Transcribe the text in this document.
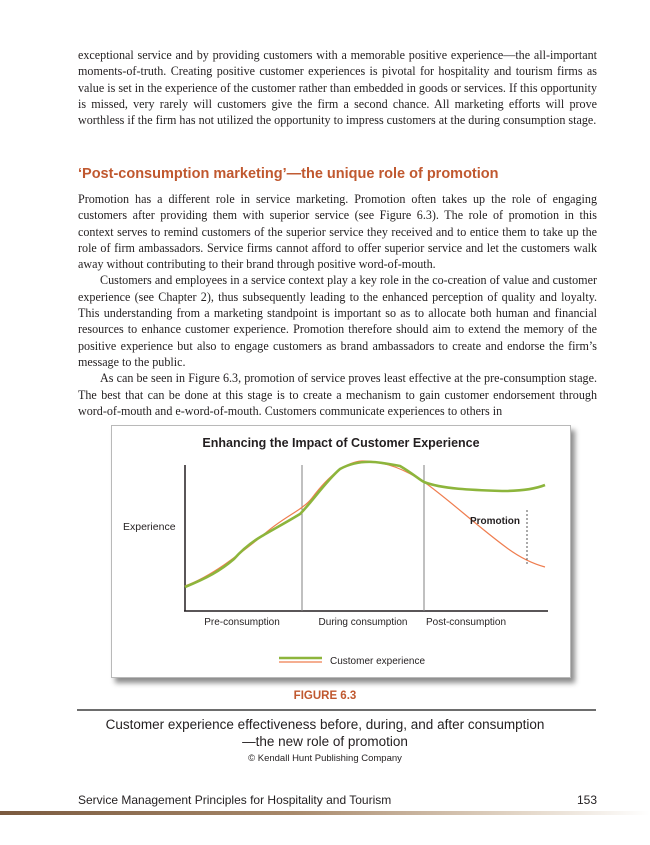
exceptional service and by providing customers with a memorable positive experience—the all-important moments-of-truth. Creating positive customer experiences is pivotal for hospitality and tourism firms as value is set in the experience of the customer rather than embedded in goods or services. If this opportunity is missed, very rarely will customers give the firm a second chance. All marketing efforts will prove worthless if the firm has not utilized the opportunity to impress customers at the during consumption stage.

‘Post-consumption marketing’—the unique role of promotion

Promotion has a different role in service marketing. Promotion often takes up the role of engaging customers after providing them with superior service (see Figure 6.3). The role of promotion in this context serves to remind customers of the superior service they received and to entice them to take up the role of firm ambassadors. Service firms cannot afford to offer superior service and let the customers walk away without contributing to their brand through positive word-of-mouth.

Customers and employees in a service context play a key role in the co-creation of value and customer experience (see Chapter 2), thus subsequently leading to the enhanced perception of quality and loyalty. This understanding from a marketing standpoint is important so as to allocate both human and financial resources to enhance customer experience. Promotion therefore should aim to extend the memory of the positive experience but also to engage customers as brand ambassadors to create and endorse the firm’s message to the public.

As can be seen in Figure 6.3, promotion of service proves least effective at the pre-consumption stage. The best that can be done at this stage is to create a mechanism to gain customer endorsement through word-of-mouth and e-word-of-mouth. Customers communicate experiences to others in

Enhancing the Impact of Customer Experience
Experience	Promotion
Pre-consumption	During consumption Post-consumption
Customer experience
FIGURE 6.3
Customer experience effectiveness before, during, and after consumption—the new role of promotion
© Kendall Hunt Publishing Company
Service Management Principles for Hospitality and Tourism	153
